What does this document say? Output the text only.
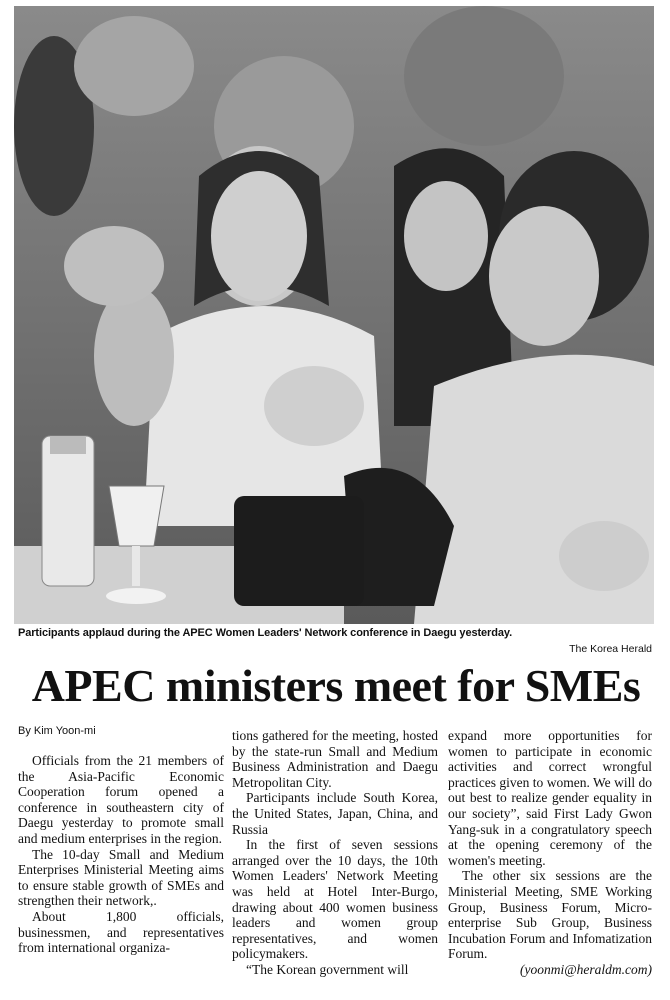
Participants applaud during the APEC Women Leaders' Network conference in Daegu yesterday.
The Korea Herald
APEC ministers meet for SMEs
By Kim Yoon-mi

Officials from the 21 members of the Asia-Pacific Economic Cooperation forum opened a conference in southeastern city of Daegu yesterday to promote small and medium enterprises in the region.

The 10-day Small and Medium Enterprises Ministerial Meeting aims to ensure stable growth of SMEs and strengthen their network,.

About 1,800 officials, businessmen, and representatives from international organiza-

tions gathered for the meeting, hosted by the state-run Small and Medium Business Administration and Daegu Metropolitan City.

Participants include South Korea, the United States, Japan, China, and Russia

In the first of seven sessions arranged over the 10 days, the 10th Women Leaders' Network Meeting was held at Hotel Inter-Burgo, drawing about 400 women business leaders and women group representatives, and women policymakers.

“The Korean government will

expand more opportunities for women to participate in economic activities and correct wrongful practices given to women. We will do out best to realize gender equality in our society”, said First Lady Gwon Yang-suk in a congratulatory speech at the opening ceremony of the women's meeting.

The other six sessions are the Ministerial Meeting, SME Working Group, Business Forum, Micro-enterprise Sub Group, Business Incubation Forum and Infomatization Forum.

(yoonmi@heraldm.com)
